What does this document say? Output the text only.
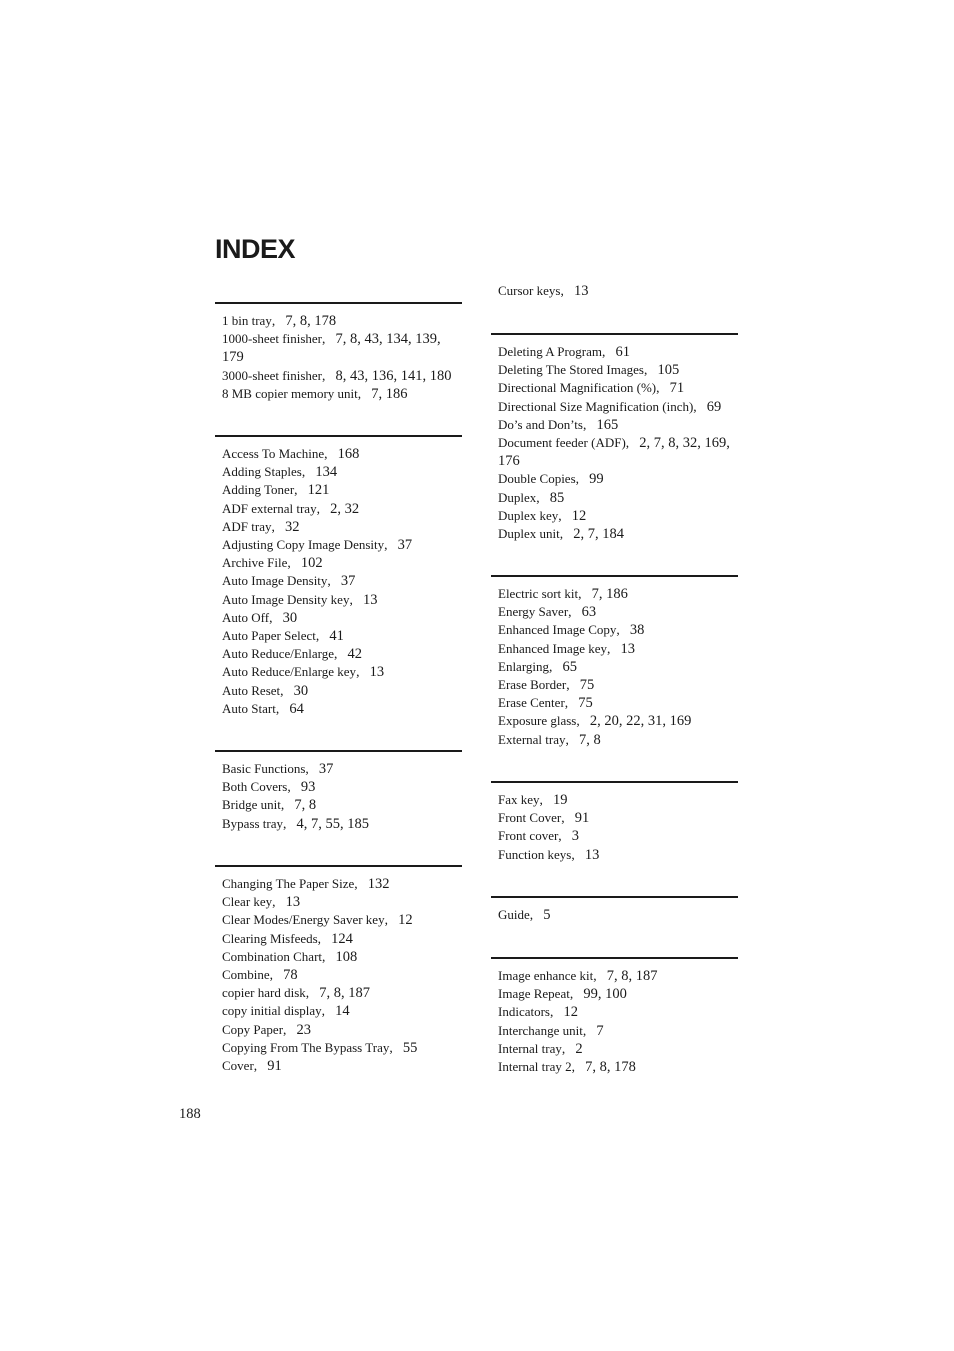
INDEX
1 bin tray,   7, 8, 178
1000-sheet finisher,   7, 8, 43, 134, 139, 179
3000-sheet finisher,   8, 43, 136, 141, 180
8 MB copier memory unit,   7, 186
Access To Machine,   168
Adding Staples,   134
Adding Toner,   121
ADF external tray,   2, 32
ADF tray,   32
Adjusting Copy Image Density,   37
Archive File,   102
Auto Image Density,   37
Auto Image Density key,   13
Auto Off,   30
Auto Paper Select,   41
Auto Reduce/Enlarge,   42
Auto Reduce/Enlarge key,   13
Auto Reset,   30
Auto Start,   64
Basic Functions,   37
Both Covers,   93
Bridge unit,   7, 8
Bypass tray,   4, 7, 55, 185
Changing The Paper Size,   132
Clear key,   13
Clear Modes/Energy Saver key,   12
Clearing Misfeeds,   124
Combination Chart,   108
Combine,   78
copier hard disk,   7, 8, 187
copy initial display,   14
Copy Paper,   23
Copying From The Bypass Tray,   55
Cover,   91
Cursor keys,   13
Deleting A Program,   61
Deleting The Stored Images,   105
Directional Magnification (%),   71
Directional Size Magnification (inch),   69
Do’s and Don’ts,   165
Document feeder (ADF),   2, 7, 8, 32, 169, 176
Double Copies,   99
Duplex,   85
Duplex key,   12
Duplex unit,   2, 7, 184
Electric sort kit,   7, 186
Energy Saver,   63
Enhanced Image Copy,   38
Enhanced Image key,   13
Enlarging,   65
Erase Border,   75
Erase Center,   75
Exposure glass,   2, 20, 22, 31, 169
External tray,   7, 8
Fax key,   19
Front Cover,   91
Front cover,   3
Function keys,   13
Guide,   5
Image enhance kit,   7, 8, 187
Image Repeat,   99, 100
Indicators,   12
Interchange unit,   7
Internal tray,   2
Internal tray 2,   7, 8, 178

188
